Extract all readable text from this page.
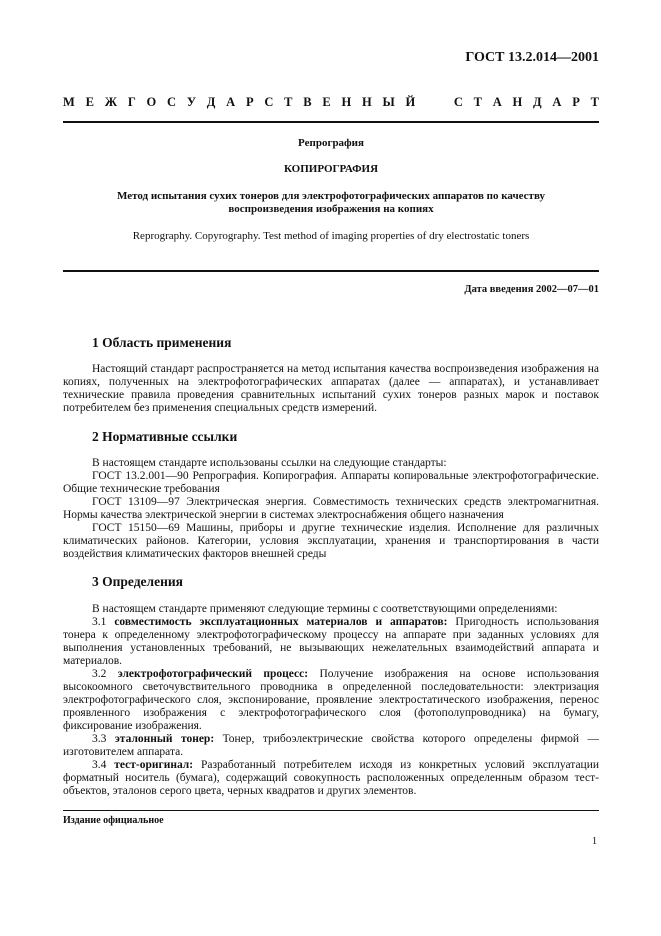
ГОСТ 13.2.014—2001
М Е Ж Г О С У Д А Р С Т В Е Н Н Ы Й

	С Т А Н Д А Р Т
Репрография
КОПИРОГРАФИЯ
Метод испытания сухих тонеров для электрофотографических аппаратов по качеству
воспроизведения изображения на копиях
Reprography. Copyrography. Test method of imaging properties of dry electrostatic toners
Дата введения 2002—07—01
1 Область применения

Настоящий стандарт распространяется на метод испытания качества воспроизведения изображения на копиях, полученных на электрофотографических аппаратах (далее — аппаратах), и устанавливает технические правила проведения сравнительных испытаний сухих тонеров разных марок и поставок потребителем без применения специальных средств измерений.

2 Нормативные ссылки

В настоящем стандарте использованы ссылки на следующие стандарты:

ГОСТ 13.2.001—90 Репрография. Копирография. Аппараты копировальные электрофотографические. Общие технические требования

ГОСТ 13109—97 Электрическая энергия. Совместимость технических средств электромагнитная. Нормы качества электрической энергии в системах электроснабжения общего назначения

ГОСТ 15150—69 Машины, приборы и другие технические изделия. Исполнение для различных климатических районов. Категории, условия эксплуатации, хранения и транспортирования в части воздействия климатических факторов внешней среды

3 Определения

В настоящем стандарте применяют следующие термины с соответствующими определениями:

3.1 совместимость эксплуатационных материалов и аппаратов: Пригодность использования тонера к определенному электрофотографическому процессу на аппарате при заданных условиях для выполнения установленных требований, не вызывающих нежелательных взаимодействий аппарата и материалов.

3.2 электрофотографический процесс: Получение изображения на основе использования высокоомного светочувствительного проводника в определенной последовательности: электризация электрофотографического слоя, экспонирование, проявление электростатического изображения, перенос проявленного изображения с электрофотографического слоя (фотополупроводника) на бумагу, фиксирование изображения.

3.3 эталонный тонер: Тонер, трибоэлектрические свойства которого определены фирмой — изготовителем аппарата.

3.4 тест-оригинал: Разработанный потребителем исходя из конкретных условий эксплуатации форматный носитель (бумага), содержащий совокупность расположенных определенным образом тест-объектов, эталонов серого цвета, черных квадратов и других элементов.

Издание официальное
1
